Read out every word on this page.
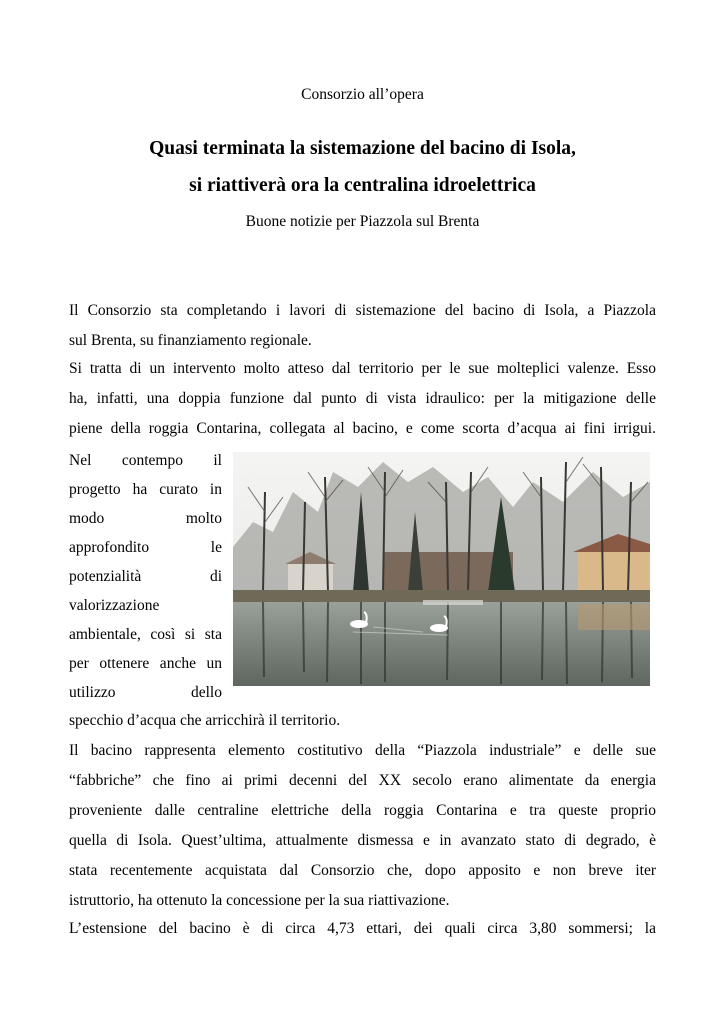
Consorzio all’opera
Quasi terminata la sistemazione del bacino di Isola,
si riattiverà ora la centralina idroelettrica
Buone notizie per Piazzola sul Brenta
Il Consorzio sta completando i lavori di sistemazione del bacino di Isola, a Piazzola
sul Brenta, su finanziamento regionale.
Si tratta di un intervento molto atteso dal territorio per le sue molteplici valenze. Esso
ha, infatti, una doppia funzione dal punto di vista idraulico: per la mitigazione delle
piene della roggia Contarina, collegata al bacino, e come scorta d’acqua ai fini irrigui.
Nel contempo il
progetto ha curato in
modo molto
approfondito le
potenzialità di
valorizzazione
ambientale, così si sta
per ottenere anche un
utilizzo dello
specchio d’acqua che arricchirà il territorio.
Il bacino rappresenta elemento costitutivo della “Piazzola industriale” e delle sue
“fabbriche” che fino ai primi decenni del XX secolo erano alimentate da energia
proveniente dalle centraline elettriche della roggia Contarina e tra queste proprio
quella di Isola. Quest’ultima, attualmente dismessa e in avanzato stato di degrado, è
stata recentemente acquistata dal Consorzio che, dopo apposito e non breve iter
istruttorio, ha ottenuto la concessione per la sua riattivazione.
L’estensione del bacino è di circa 4,73 ettari, dei quali circa 3,80 sommersi; la
